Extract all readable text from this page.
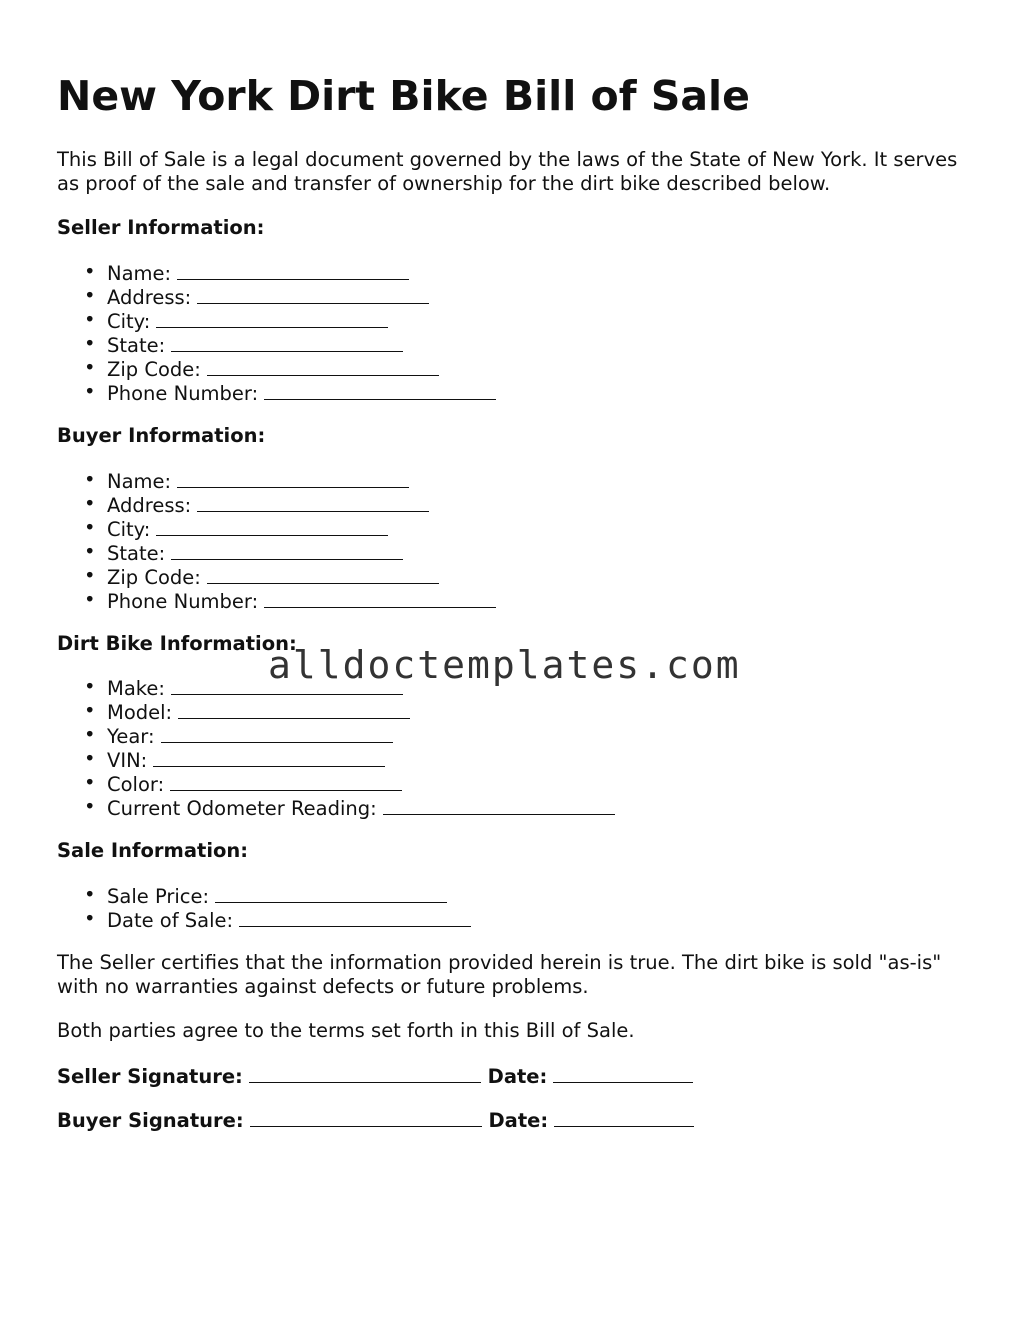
New York Dirt Bike Bill of Sale

This Bill of Sale is a legal document governed by the laws of the State of New York. It serves as proof of the sale and transfer of ownership for the dirt bike described below.

Seller Information:

• Name:
• Address:
• City:
• State:
• Zip Code:
• Phone Number:

Buyer Information:

• Name:
• Address:
• City:
• State:
• Zip Code:
• Phone Number:

Dirt Bike Information:

• Make:
• Model:
• Year:
• VIN:
• Color:
• Current Odometer Reading:

Sale Information:

• Sale Price:
• Date of Sale:

The Seller certifies that the information provided herein is true. The dirt bike is sold "as-is" with no warranties against defects or future problems.

Both parties agree to the terms set forth in this Bill of Sale.

Seller Signature:	Date:

Buyer Signature:	Date:

alldoctemplates.com
